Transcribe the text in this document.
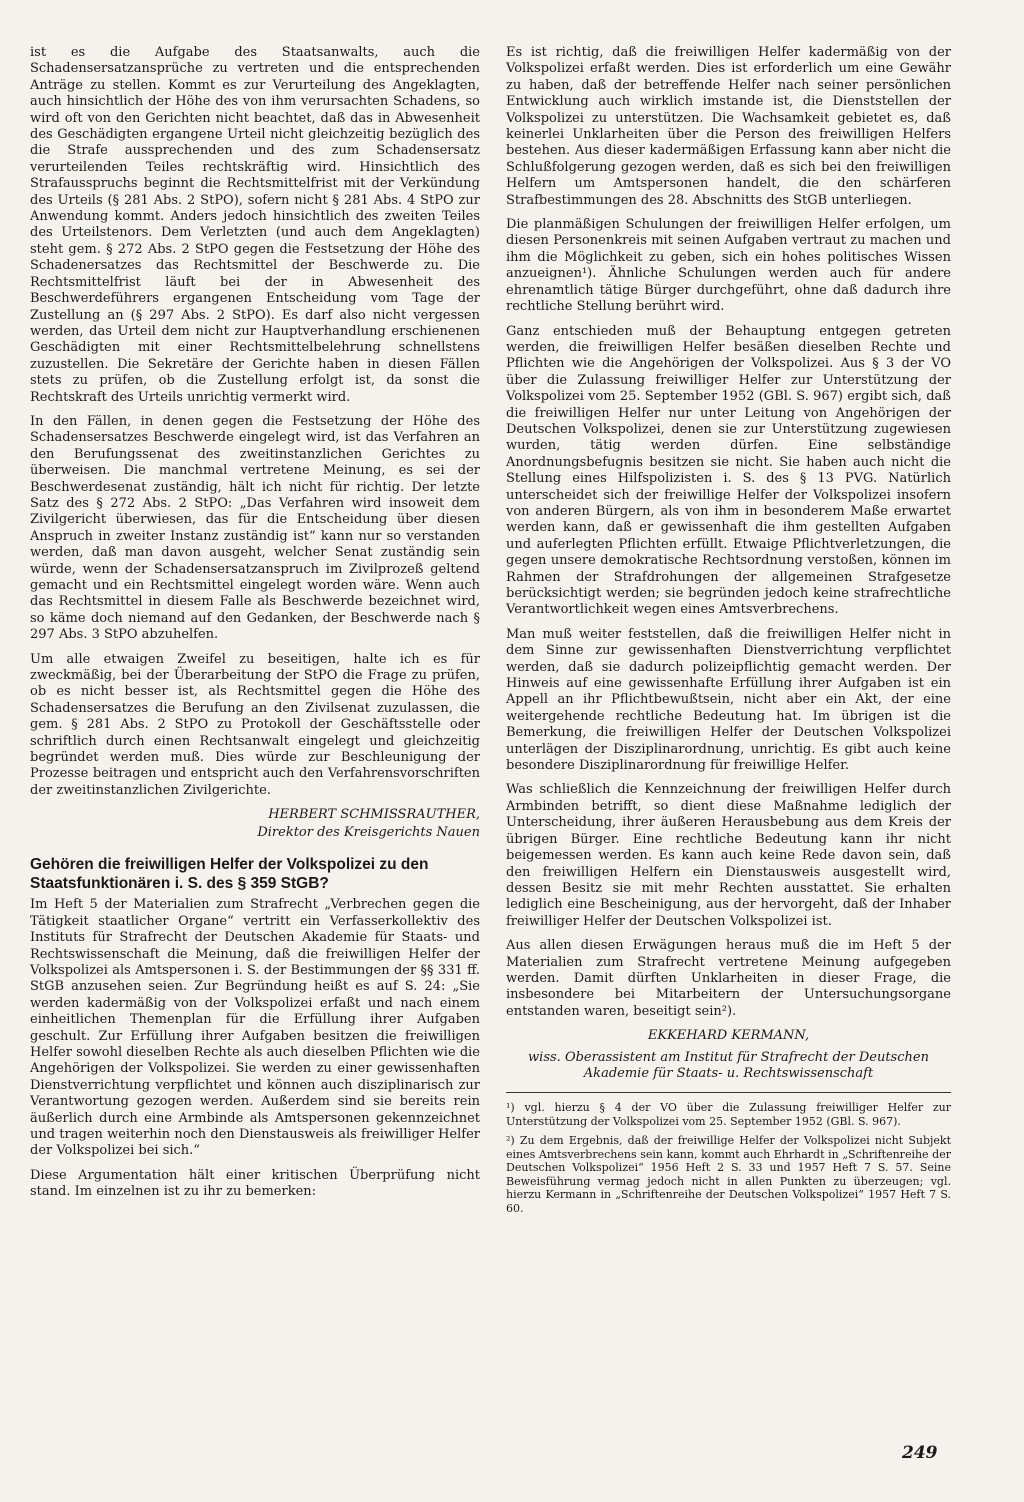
ist es die Aufgabe des Staatsanwalts, auch die Schadensersatzansprüche zu vertreten und die entsprechenden Anträge zu stellen. Kommt es zur Verurteilung des Angeklagten, auch hinsichtlich der Höhe des von ihm verursachten Schadens, so wird oft von den Gerichten nicht beachtet, daß das in Abwesenheit des Geschädigten ergangene Urteil nicht gleichzeitig bezüglich des die Strafe aussprechenden und des zum Schadensersatz verurteilenden Teiles rechtskräftig wird. Hinsichtlich des Strafausspruchs beginnt die Rechtsmittelfrist mit der Verkündung des Urteils (§ 281 Abs. 2 StPO), sofern nicht § 281 Abs. 4 StPO zur Anwendung kommt. Anders jedoch hinsichtlich des zweiten Teiles des Urteilstenors. Dem Verletzten (und auch dem Angeklagten) steht gem. § 272 Abs. 2 StPO gegen die Festsetzung der Höhe des Schadenersatzes das Rechtsmittel der Beschwerde zu. Die Rechtsmittelfrist läuft bei der in Abwesenheit des Beschwerdeführers ergangenen Entscheidung vom Tage der Zustellung an (§ 297 Abs. 2 StPO). Es darf also nicht vergessen werden, das Urteil dem nicht zur Hauptverhandlung erschienenen Geschädigten mit einer Rechtsmittelbelehrung schnellstens zuzustellen. Die Sekretäre der Gerichte haben in diesen Fällen stets zu prüfen, ob die Zustellung erfolgt ist, da sonst die Rechtskraft des Urteils unrichtig vermerkt wird.

In den Fällen, in denen gegen die Festsetzung der Höhe des Schadensersatzes Beschwerde eingelegt wird, ist das Verfahren an den Berufungssenat des zweitinstanzlichen Gerichtes zu überweisen. Die manchmal vertretene Meinung, es sei der Beschwerdesenat zuständig, hält ich nicht für richtig. Der letzte Satz des § 272 Abs. 2 StPO: „Das Verfahren wird insoweit dem Zivilgericht überwiesen, das für die Entscheidung über diesen Anspruch in zweiter Instanz zuständig ist“ kann nur so verstanden werden, daß man davon ausgeht, welcher Senat zuständig sein würde, wenn der Schadensersatzanspruch im Zivilprozeß geltend gemacht und ein Rechtsmittel eingelegt worden wäre. Wenn auch das Rechtsmittel in diesem Falle als Beschwerde bezeichnet wird, so käme doch niemand auf den Gedanken, der Beschwerde nach § 297 Abs. 3 StPO abzuhelfen.

Um alle etwaigen Zweifel zu beseitigen, halte ich es für zweckmäßig, bei der Überarbeitung der StPO die Frage zu prüfen, ob es nicht besser ist, als Rechtsmittel gegen die Höhe des Schadensersatzes die Berufung an den Zivilsenat zuzulassen, die gem. § 281 Abs. 2 StPO zu Protokoll der Geschäftsstelle oder schriftlich durch einen Rechtsanwalt eingelegt und gleichzeitig begründet werden muß. Dies würde zur Beschleunigung der Prozesse beitragen und entspricht auch den Verfahrensvorschriften der zweitinstanzlichen Zivilgerichte.

HERBERT SCHMISSRAUTHER,
Direktor des Kreisgerichts Nauen
Gehören die freiwilligen Helfer der Volkspolizei zu den Staatsfunktionären i. S. des § 359 StGB?

Im Heft 5 der Materialien zum Strafrecht „Verbrechen gegen die Tätigkeit staatlicher Organe“ vertritt ein Verfasserkollektiv des Instituts für Strafrecht der Deutschen Akademie für Staats- und Rechtswissenschaft die Meinung, daß die freiwilligen Helfer der Volkspolizei als Amtspersonen i. S. der Bestimmungen der §§ 331 ff. StGB anzusehen seien. Zur Begründung heißt es auf S. 24: „Sie werden kadermäßig von der Volkspolizei erfaßt und nach einem einheitlichen Themenplan für die Erfüllung ihrer Aufgaben geschult. Zur Erfüllung ihrer Aufgaben besitzen die freiwilligen Helfer sowohl dieselben Rechte als auch dieselben Pflichten wie die Angehörigen der Volkspolizei. Sie werden zu einer gewissenhaften Dienstverrichtung verpflichtet und können auch disziplinarisch zur Verantwortung gezogen werden. Außerdem sind sie bereits rein äußerlich durch eine Armbinde als Amtspersonen gekennzeichnet und tragen weiterhin noch den Dienstausweis als freiwilliger Helfer der Volkspolizei bei sich.“

Diese Argumentation hält einer kritischen Überprüfung nicht stand. Im einzelnen ist zu ihr zu bemerken:

Es ist richtig, daß die freiwilligen Helfer kadermäßig von der Volkspolizei erfaßt werden. Dies ist erforderlich um eine Gewähr zu haben, daß der betreffende Helfer nach seiner persönlichen Entwicklung auch wirklich imstande ist, die Dienststellen der Volkspolizei zu unterstützen. Die Wachsamkeit gebietet es, daß keinerlei Unklarheiten über die Person des freiwilligen Helfers bestehen. Aus dieser kadermäßigen Erfassung kann aber nicht die Schlußfolgerung gezogen werden, daß es sich bei den freiwilligen Helfern um Amtspersonen handelt, die den schärferen Strafbestimmungen des 28. Abschnitts des StGB unterliegen.

Die planmäßigen Schulungen der freiwilligen Helfer erfolgen, um diesen Personenkreis mit seinen Aufgaben vertraut zu machen und ihm die Möglichkeit zu geben, sich ein hohes politisches Wissen anzueignen¹). Ähnliche Schulungen werden auch für andere ehrenamtlich tätige Bürger durchgeführt, ohne daß dadurch ihre rechtliche Stellung berührt wird.

Ganz entschieden muß der Behauptung entgegen getreten werden, die freiwilligen Helfer besäßen dieselben Rechte und Pflichten wie die Angehörigen der Volkspolizei. Aus § 3 der VO über die Zulassung freiwilliger Helfer zur Unterstützung der Volkspolizei vom 25. September 1952 (GBl. S. 967) ergibt sich, daß die freiwilligen Helfer nur unter Leitung von Angehörigen der Deutschen Volkspolizei, denen sie zur Unterstützung zugewiesen wurden, tätig werden dürfen. Eine selbständige Anordnungsbefugnis besitzen sie nicht. Sie haben auch nicht die Stellung eines Hilfspolizisten i. S. des § 13 PVG. Natürlich unterscheidet sich der freiwillige Helfer der Volkspolizei insofern von anderen Bürgern, als von ihm in besonderem Maße erwartet werden kann, daß er gewissenhaft die ihm gestellten Aufgaben und auferlegten Pflichten erfüllt. Etwaige Pflichtverletzungen, die gegen unsere demokratische Rechtsordnung verstoßen, können im Rahmen der Strafdrohungen der allgemeinen Strafgesetze berücksichtigt werden; sie begründen jedoch keine strafrechtliche Verantwortlichkeit wegen eines Amtsverbrechens.

Man muß weiter feststellen, daß die freiwilligen Helfer nicht in dem Sinne zur gewissenhaften Dienstverrichtung verpflichtet werden, daß sie dadurch polizeipflichtig gemacht werden. Der Hinweis auf eine gewissenhafte Erfüllung ihrer Aufgaben ist ein Appell an ihr Pflichtbewußtsein, nicht aber ein Akt, der eine weitergehende rechtliche Bedeutung hat. Im übrigen ist die Bemerkung, die freiwilligen Helfer der Deutschen Volkspolizei unterlägen der Disziplinarordnung, unrichtig. Es gibt auch keine besondere Disziplinarordnung für freiwillige Helfer.

Was schließlich die Kennzeichnung der freiwilligen Helfer durch Armbinden betrifft, so dient diese Maßnahme lediglich der Unterscheidung, ihrer äußeren Herausbebung aus dem Kreis der übrigen Bürger. Eine rechtliche Bedeutung kann ihr nicht beigemessen werden. Es kann auch keine Rede davon sein, daß den freiwilligen Helfern ein Dienstausweis ausgestellt wird, dessen Besitz sie mit mehr Rechten ausstattet. Sie erhalten lediglich eine Bescheinigung, aus der hervorgeht, daß der Inhaber freiwilliger Helfer der Deutschen Volkspolizei ist.

Aus allen diesen Erwägungen heraus muß die im Heft 5 der Materialien zum Strafrecht vertretene Meinung aufgegeben werden. Damit dürften Unklarheiten in dieser Frage, die insbesondere bei Mitarbeitern der Untersuchungsorgane entstanden waren, beseitigt sein²).

EKKEHARD KERMANN,
wiss. Oberassistent am Institut für Strafrecht der Deutschen Akademie für Staats- u. Rechtswissenschaft

¹) vgl. hierzu § 4 der VO über die Zulassung freiwilliger Helfer zur Unterstützung der Volkspolizei vom 25. September 1952 (GBl. S. 967).

²) Zu dem Ergebnis, daß der freiwillige Helfer der Volkspolizei nicht Subjekt eines Amtsverbrechens sein kann, kommt auch Ehrhardt in „Schriftenreihe der Deutschen Volkspolizei“ 1956 Heft 2 S. 33 und 1957 Heft 7 S. 57. Seine Beweisführung vermag jedoch nicht in allen Punkten zu überzeugen; vgl. hierzu Kermann in „Schriftenreihe der Deutschen Volkspolizei“ 1957 Heft 7 S. 60.

249
